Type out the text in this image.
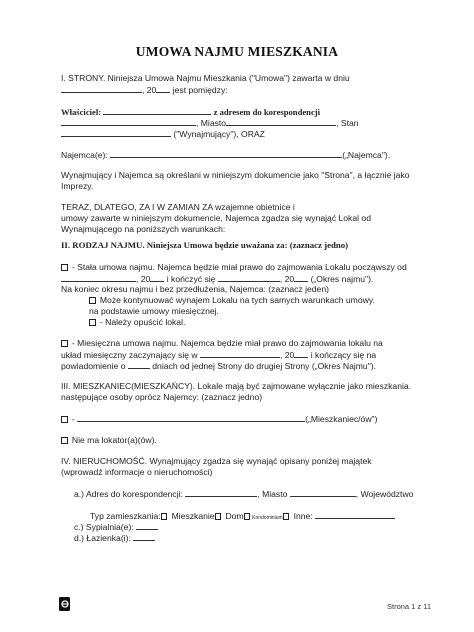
UMOWA NAJMU MIESZKANIA
I. STRONY. Niniejsza Umowa Najmu Mieszkania ("Umowa") zawarta w dniu
, 20 jest pomiędzy:
Właściciel:	z adresem do korespondencji
, Miasto	, Stan
("Wynajmujący"), ORAZ
Najemca(e):	(„Najemca").
Wynajmujący i Najemca są określani w niniejszym dokumencie jako "Strona", a łącznie jako
Imprezy.
TERAZ, DLATEGO, ZA I W ZAMIAN ZA wzajemne obietnice i
umowy zawarte w niniejszym dokumencie, Najemca zgadza się wynająć Lokal od
Wynajmującego na poniższych warunkach:
II. RODZAJ NAJMU. Niniejsza Umowa będzie uważana za: (zaznacz jedno)
- Stała umowa najmu. Najemca będzie miał prawo do zajmowania Lokalu począwszy od
, 20 i kończyć się	, 20 („Okres najmu").
Na koniec okresu najmu i bez przedłużenia, Najemca: (zaznacz jeden)
Może kontynuować wynajem Lokalu na tych samych warunkach umowy.
na podstawie umowy miesięcznej.
- Należy opuścić lokal.
- Miesięczna umowa najmu. Najemca będzie miał prawo do zajmowania lokalu na
układ miesięczny zaczynający się w	, 20 i kończący się na
powiadomienie o	dniach od jednej Strony do drugiej Strony („Okres Najmu").
III. MIESZKANIEC(MIESZKAŃCY). Lokale mają być zajmowane wyłącznie jako mieszkania.
następujące osoby oprócz Najemcy: (zaznacz jedno)
-	(„Mieszkaniec/ów")
Nie ma lokator(a)(ów).
IV. NIERUCHOMOŚĆ. Wynajmujący zgadza się wynająć opisany poniżej majątek
(wprowadź informacje o nieruchomości)
a.) Adres do korespondencji:	, Miasto	, Województwo
Typ zamieszkania: Mieszkanie Dom Kondominium Inne:
c.) Sypialnia(e):
d.) Łazienka(i):
Strona 1 z 11
